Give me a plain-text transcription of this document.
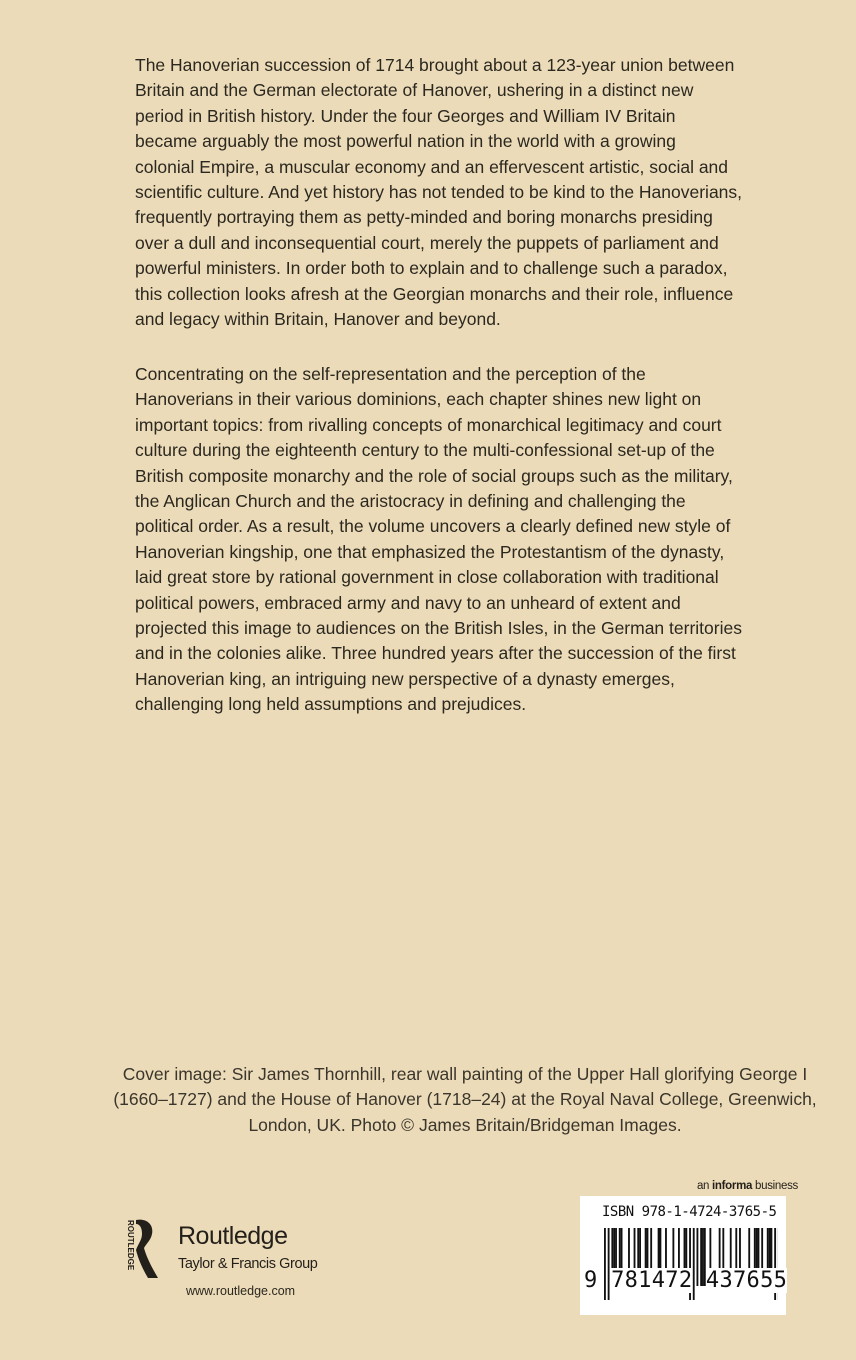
The Hanoverian succession of 1714 brought about a 123-year union between
Britain and the German electorate of Hanover, ushering in a distinct new
period in British history. Under the four Georges and William IV Britain
became arguably the most powerful nation in the world with a growing
colonial Empire, a muscular economy and an effervescent artistic, social and
scientific culture. And yet history has not tended to be kind to the Hanoverians,
frequently portraying them as petty-minded and boring monarchs presiding
over a dull and inconsequential court, merely the puppets of parliament and
powerful ministers. In order both to explain and to challenge such a paradox,
this collection looks afresh at the Georgian monarchs and their role, influence
and legacy within Britain, Hanover and beyond.
Concentrating on the self-representation and the perception of the
Hanoverians in their various dominions, each chapter shines new light on
important topics: from rivalling concepts of monarchical legitimacy and court
culture during the eighteenth century to the multi-confessional set-up of the
British composite monarchy and the role of social groups such as the military,
the Anglican Church and the aristocracy in defining and challenging the
political order. As a result, the volume uncovers a clearly defined new style of
Hanoverian kingship, one that emphasized the Protestantism of the dynasty,
laid great store by rational government in close collaboration with traditional
political powers, embraced army and navy to an unheard of extent and
projected this image to audiences on the British Isles, in the German territories
and in the colonies alike. Three hundred years after the succession of the first
Hanoverian king, an intriguing new perspective of a dynasty emerges,
challenging long held assumptions and prejudices.
Cover image: Sir James Thornhill, rear wall painting of the Upper Hall glorifying George I
(1660–1727) and the House of Hanover (1718–24) at the Royal Naval College, Greenwich,
London, UK. Photo © James Britain/Bridgeman Images.
ROUTLEDGE Routledge
Taylor & Francis Group
www.routledge.com
an informa business
ISBN 978-1-4724-3765-5
9 781472 437655
